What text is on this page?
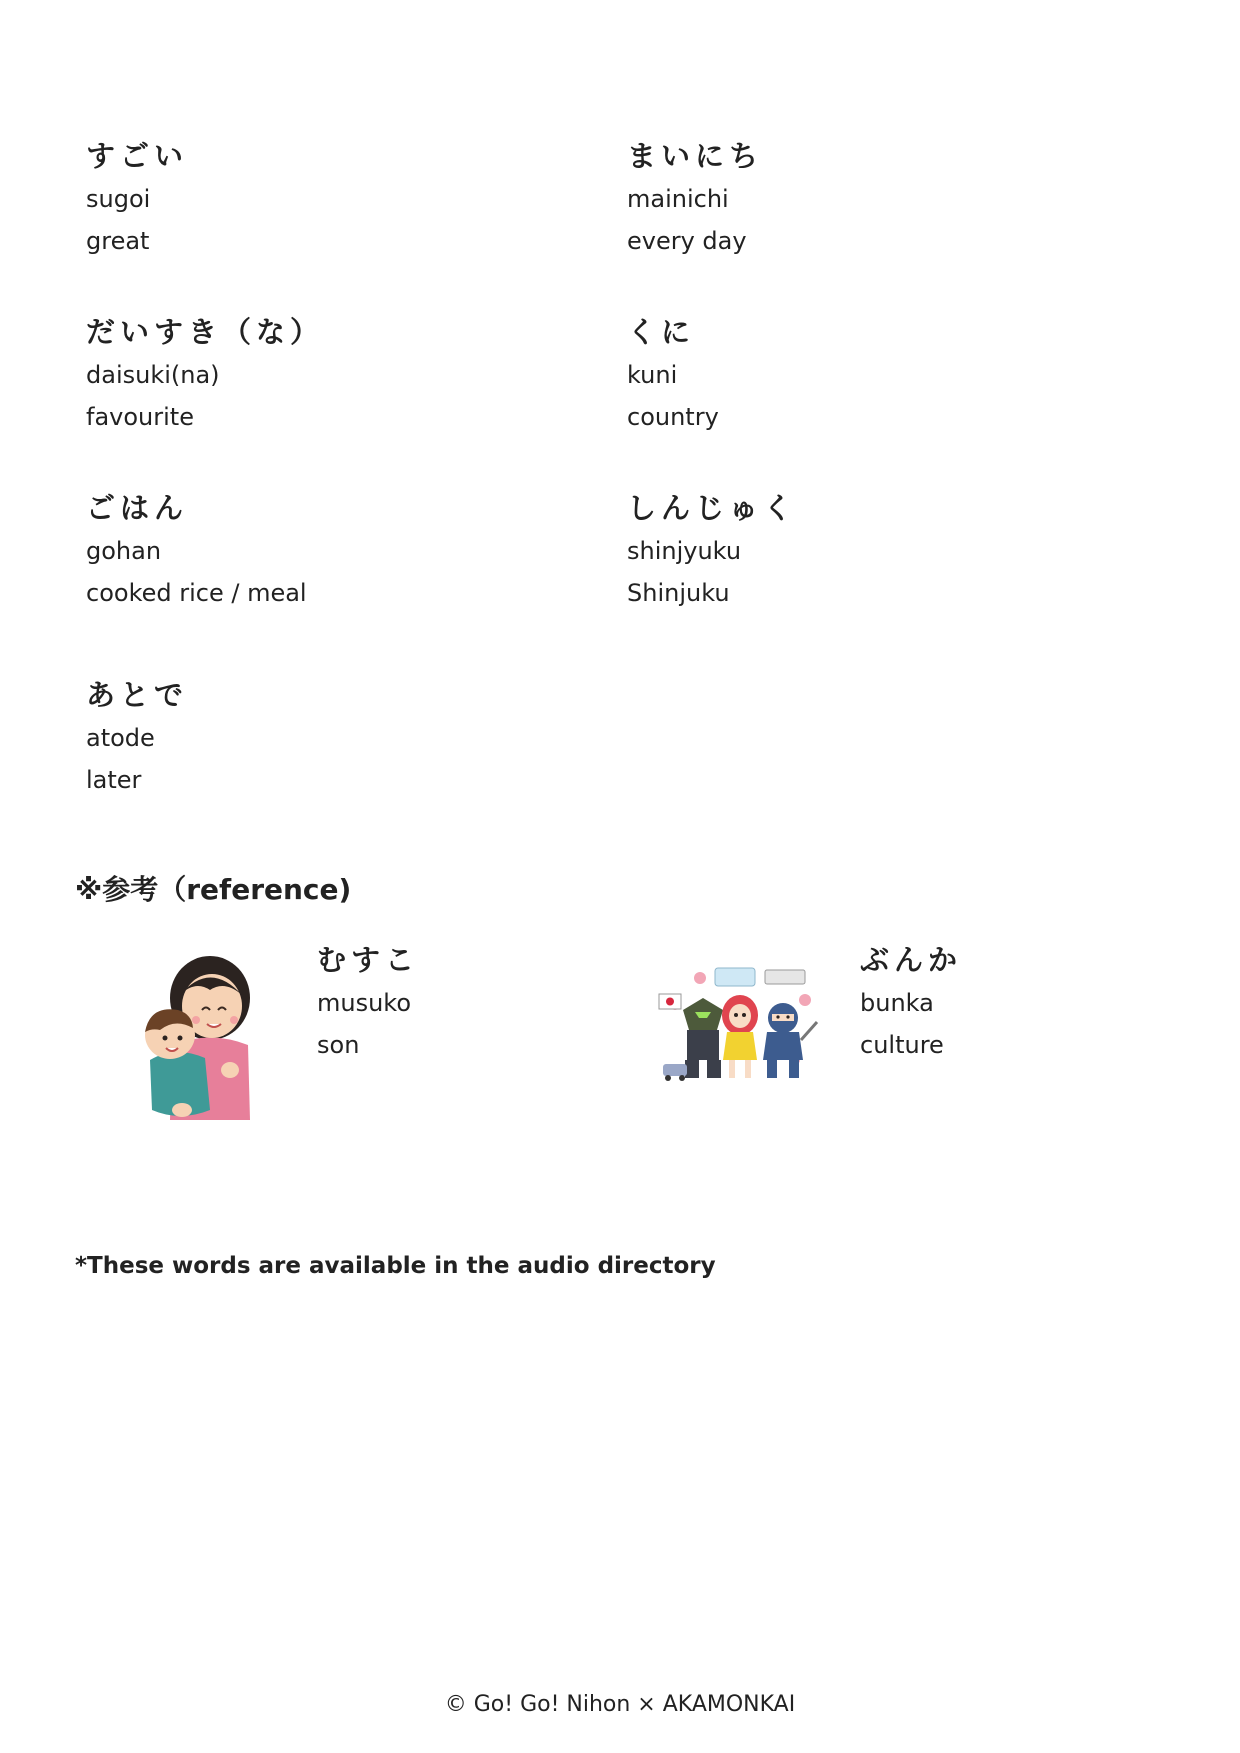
すごい
sugoi
great
まいにち
mainichi
every day
だいすき（な）
daisuki(na)
favourite
くに
kuni
country
ごはん
gohan
cooked rice / meal
しんじゅく
shinjyuku
Shinjuku
あとで
atode
later
※参考（reference)
むすこ
musuko
son
ぶんか
bunka
culture
*These words are available in the audio directory
© Go! Go! Nihon × AKAMONKAI
